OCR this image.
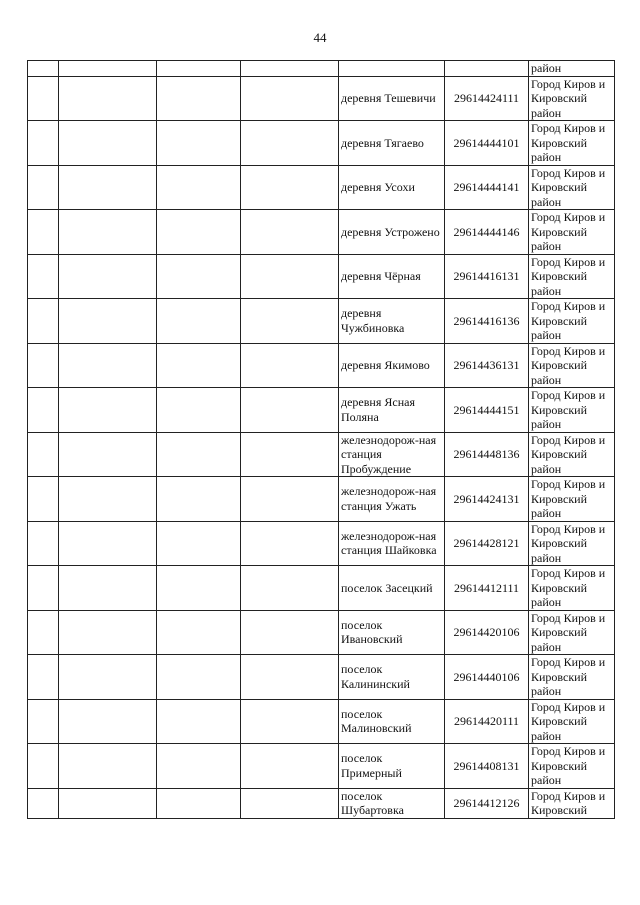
44
						район
				деревня Тешевичи	29614424111	Город Киров и Кировский район
				деревня Тягаево	29614444101	Город Киров и Кировский район
				деревня Усохи	29614444141	Город Киров и Кировский район
				деревня Устрожено	29614444146	Город Киров и Кировский район
				деревня Чёрная	29614416131	Город Киров и Кировский район
				деревня Чужбиновка	29614416136	Город Киров и Кировский район
				деревня Якимово	29614436131	Город Киров и Кировский район
				деревня Ясная Поляна	29614444151	Город Киров и Кировский район
				железнодорож-ная станция Пробуждение	29614448136	Город Киров и Кировский район
				железнодорож-ная станция Ужать	29614424131	Город Киров и Кировский район
				железнодорож-ная станция Шайковка	29614428121	Город Киров и Кировский район
				поселок Засецкий	29614412111	Город Киров и Кировский район
				поселок Ивановский	29614420106	Город Киров и Кировский район
				поселок Калининский	29614440106	Город Киров и Кировский район
				поселок Малиновский	29614420111	Город Киров и Кировский район
				поселок Примерный	29614408131	Город Киров и Кировский район
				поселок Шубартовка	29614412126	Город Киров и Кировский
